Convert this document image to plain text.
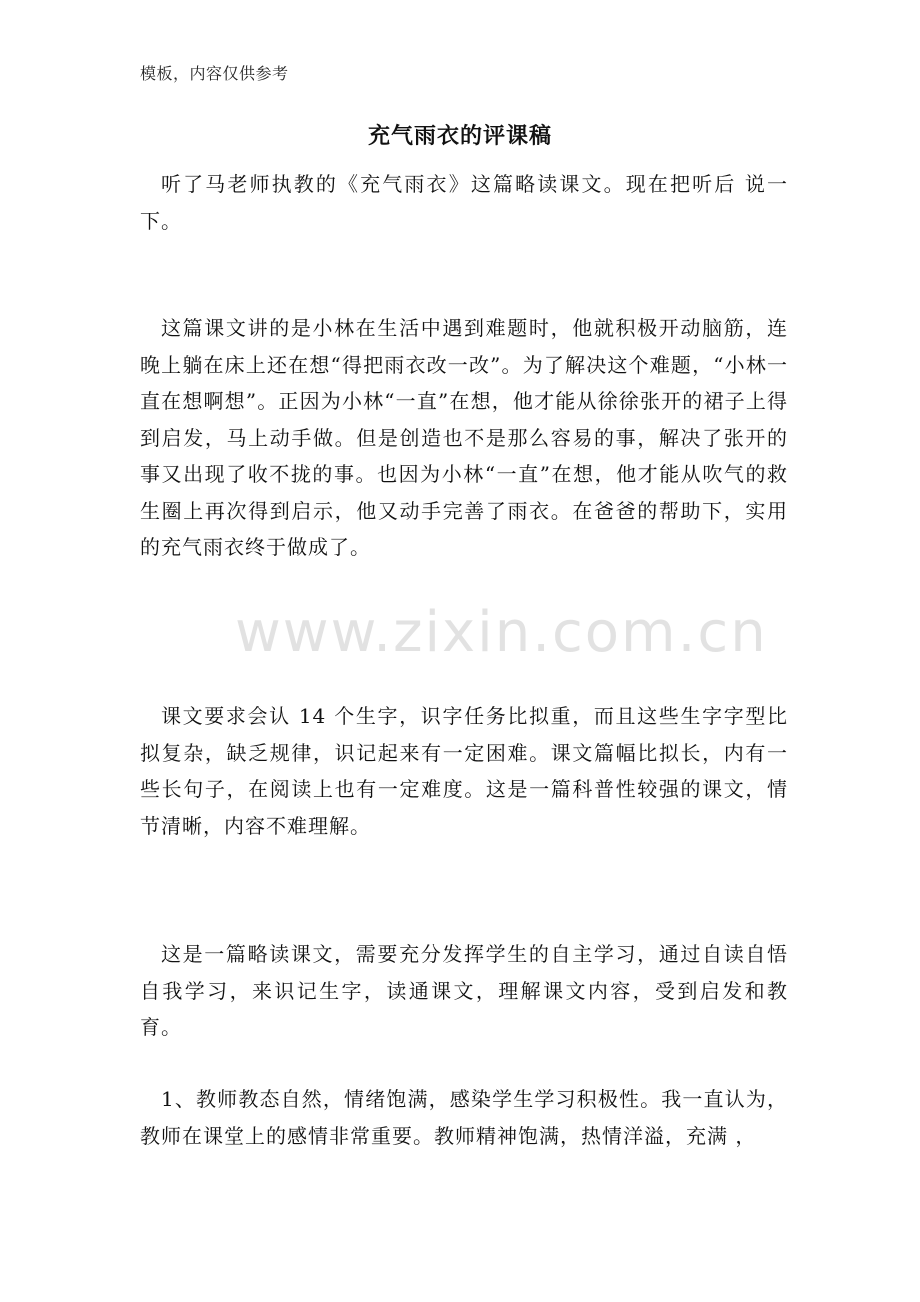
模板，内容仅供参考
充气雨衣的评课稿

听了马老师执教的《充气雨衣》这篇略读课文。现在把听后 说一下。

这篇课文讲的是小林在生活中遇到难题时，他就积极开动脑筋，连晚上躺在床上还在想“得把雨衣改一改”。为了解决这个难题，“小林一直在想啊想”。正因为小林“一直”在想，他才能从徐徐张开的裙子上得到启发，马上动手做。但是创造也不是那么容易的事，解决了张开的事又出现了收不拢的事。也因为小林“一直”在想，他才能从吹气的救生圈上再次得到启示，他又动手完善了雨衣。在爸爸的帮助下，实用的充气雨衣终于做成了。

课文要求会认 14 个生字，识字任务比拟重，而且这些生字字型比拟复杂，缺乏规律，识记起来有一定困难。课文篇幅比拟长，内有一些长句子，在阅读上也有一定难度。这是一篇科普性较强的课文，情节清晰，内容不难理解。

这是一篇略读课文，需要充分发挥学生的自主学习，通过自读自悟自我学习，来识记生字，读通课文，理解课文内容，受到启发和教育。

1、教师教态自然，情绪饱满，感染学生学习积极性。我一直认为，教师在课堂上的感情非常重要。教师精神饱满，热情洋溢，充满 ，

www.zixin.com.cn
